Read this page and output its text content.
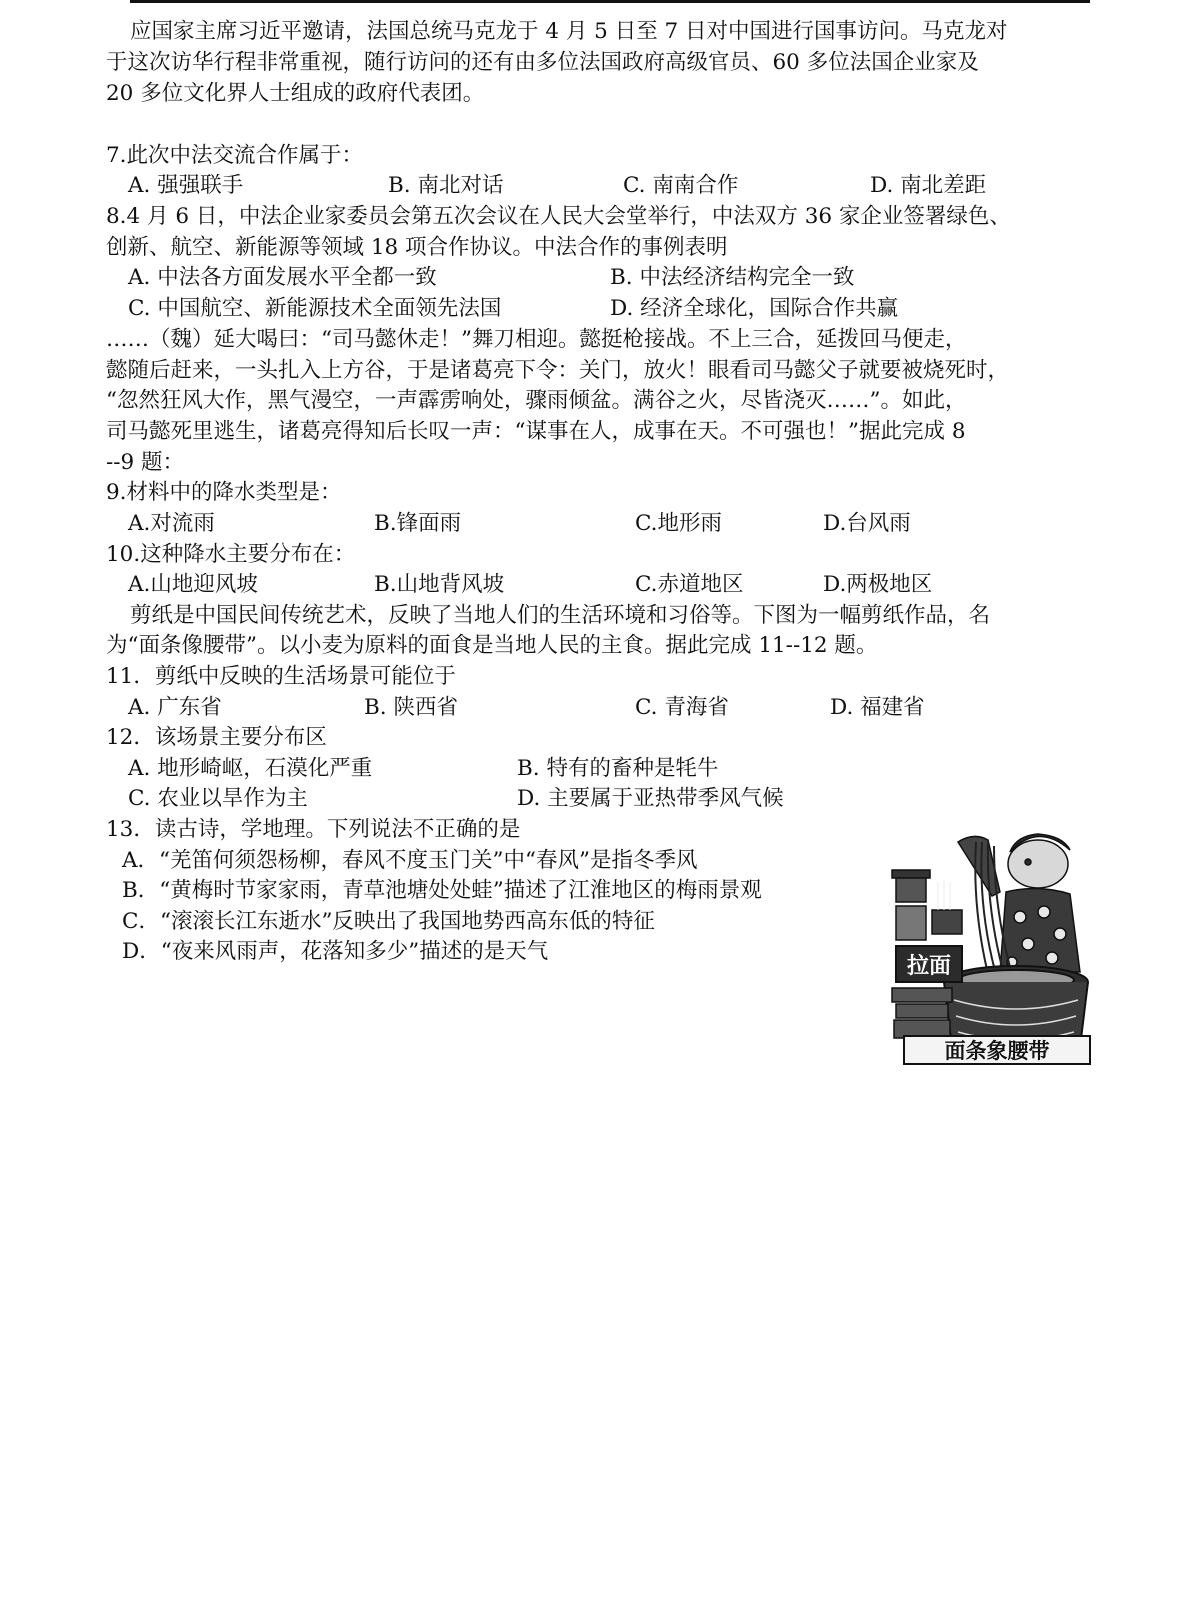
应国家主席习近平邀请，法国总统马克龙于 4 月 5 日至 7 日对中国进行国事访问。马克龙对
于这次访华行程非常重视，随行访问的还有由多位法国政府高级官员、60 多位法国企业家及
20 多位文化界人士组成的政府代表团。
7.此次中法交流合作属于：
A. 强强联手	B. 南北对话	C. 南南合作	D. 南北差距
8.4 月 6 日，中法企业家委员会第五次会议在人民大会堂举行，中法双方 36 家企业签署绿色、
创新、航空、新能源等领域 18 项合作协议。中法合作的事例表明
A. 中法各方面发展水平全都一致	B. 中法经济结构完全一致
C. 中国航空、新能源技术全面领先法国	D. 经济全球化，国际合作共赢
……（魏）延大喝曰：“司马懿休走！”舞刀相迎。懿挺枪接战。不上三合，延拨回马便走，
懿随后赶来，一头扎入上方谷，于是诸葛亮下令：关门，放火！眼看司马懿父子就要被烧死时，
“忽然狂风大作，黑气漫空，一声霹雳响处，骤雨倾盆。满谷之火，尽皆浇灭……”。如此，
司马懿死里逃生，诸葛亮得知后长叹一声：“谋事在人，成事在天。不可强也！”据此完成 8
--9 题：
9.材料中的降水类型是：
A.对流雨	B.锋面雨	C.地形雨	D.台风雨
10.这种降水主要分布在：
A.山地迎风坡	B.山地背风坡	C.赤道地区	D.两极地区
剪纸是中国民间传统艺术，反映了当地人们的生活环境和习俗等。下图为一幅剪纸作品，名
为“面条像腰带”。以小麦为原料的面食是当地人民的主食。据此完成 11--12 题。
11．剪纸中反映的生活场景可能位于
A. 广东省	B. 陕西省	C. 青海省	D. 福建省
12．该场景主要分布区
A. 地形崎岖，石漠化严重	B. 特有的畜种是牦牛
C. 农业以旱作为主	D. 主要属于亚热带季风气候
13．读古诗，学地理。下列说法不正确的是
A．“羌笛何须怨杨柳，春风不度玉门关”中“春风”是指冬季风
B．“黄梅时节家家雨，青草池塘处处蛙”描述了江淮地区的梅雨景观
C．“滚滚长江东逝水”反映出了我国地势西高东低的特征
D．“夜来风雨声，花落知多少”描述的是天气
拉面
面条象腰带
